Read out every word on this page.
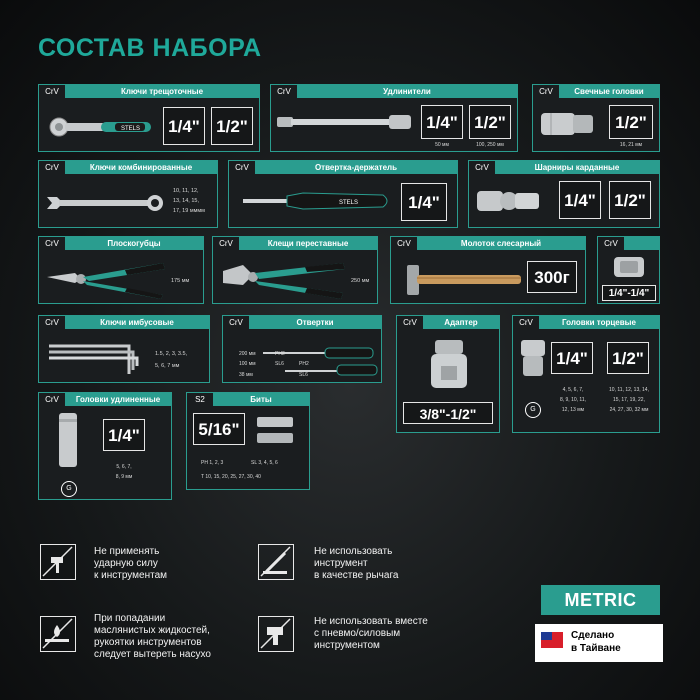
СОСТАВ НАБОРА
CrV	Ключи трещоточные
STELS	1/4" 1/2"
CrV	Удлинители
1/4" 1/2"
50 мм	100, 250 мм
CrV	Свечные головки
1/2"
16, 21 мм
CrV	Ключи комбинированные
10, 11, 12,
13, 14, 15,
17, 19 мммм
CrV	Отвертка-держатель
STELS	1/4"
CrV	Шарниры карданные
1/4"	1/2"
CrV	Плоскогубцы
175 мм
CrV	Клещи переставные
250 мм
CrV	Молоток слесарный
300г
CrV
1/4"-1/4"
CrV	Ключи имбусовые
1.5, 2, 3, 3.5,
5, 6, 7 мм
CrV	Отвертки
200 мм
100 мм
38 мм
PH2
SL6	PH2
SL6
CrV	Адаптер
3/8"-1/2"
CrV	Головки торцевые
1/4"	1/2"
4, 5, 6, 7,
8, 9, 10, 11,
12, 13 мм
10, 11, 12, 13, 14,
15, 17, 19, 22,
24, 27, 30, 32 мм
G
CrV	Головки удлиненные
1/4"
5, 6, 7,
8, 9 мм
G
S2	Биты
5/16"
PH 1, 2, 3	SL 3, 4, 5, 6
T 10, 15, 20, 25, 27, 30, 40
Не применять
ударную силу
к инструментам
Не использовать
инструмент
в качестве рычага
При попадании
маслянистых жидкостей,
рукоятки инструментов
следует вытереть насухо
Не использовать вместе
с пневмо/силовым
инструментом
METRIC
Сделано
в Тайване
